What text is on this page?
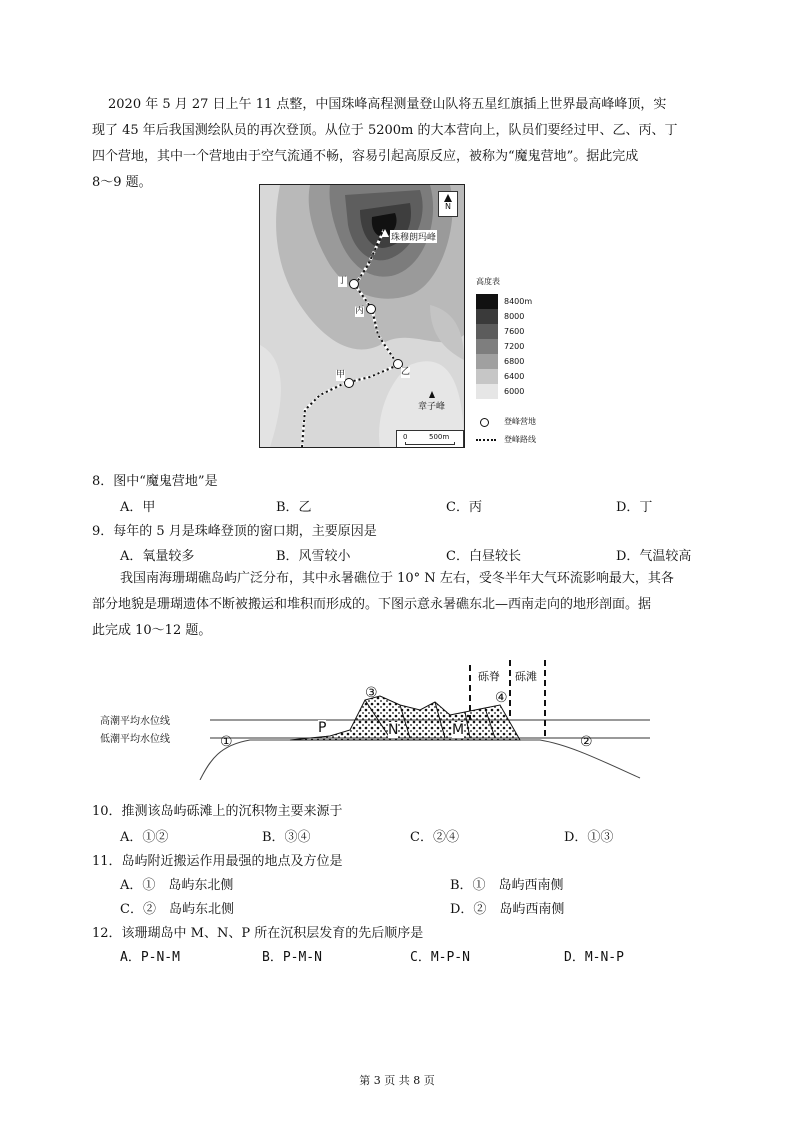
2020 年 5 月 27 日上午 11 点整，中国珠峰高程测量登山队将五星红旗插上世界最高峰峰顶，实
现了 45 年后我国测绘队员的再次登顶。从位于 5200m 的大本营向上，队员们要经过甲、乙、丙、丁
四个营地，其中一个营地由于空气流通不畅，容易引起高原反应，被称为“魔鬼营地”。据此完成
8～9 题。
N
珠穆朗玛峰
丁
丙
乙
甲
章子峰
0	500m
高度表
8400m
8000
7600
7200
6800
6400
6000
登峰营地
登峰路线
8．图中“魔鬼营地”是
A．甲	B．乙	C．丙	D．丁
9．每年的 5 月是珠峰登顶的窗口期，主要原因是
A．氧量较多	B．风雪较小	C．白昼较长	D．气温较高
我国南海珊瑚礁岛屿广泛分布，其中永暑礁位于 10° N 左右，受冬半年大气环流影响最大，其各
部分地貌是珊瑚遗体不断被搬运和堆积而形成的。下图示意永暑礁东北—西南走向的地形剖面。据
此完成 10～12 题。
高潮平均水位线
低潮平均水位线
砾脊 砾滩
①	②
③	④
N	M
P
10．推测该岛屿砾滩上的沉积物主要来源于
A．①②	B．③④	C．②④	D．①③
11．岛屿附近搬运作用最强的地点及方位是
A．①　岛屿东北侧	B．①　岛屿西南侧
C．②　岛屿东北侧	D．②　岛屿西南侧
12．该珊瑚岛中 M、N、P 所在沉积层发育的先后顺序是
A．P-N-M	B．P-M-N	C．M-P-N	D．M-N-P
第 3 页 共 8 页
